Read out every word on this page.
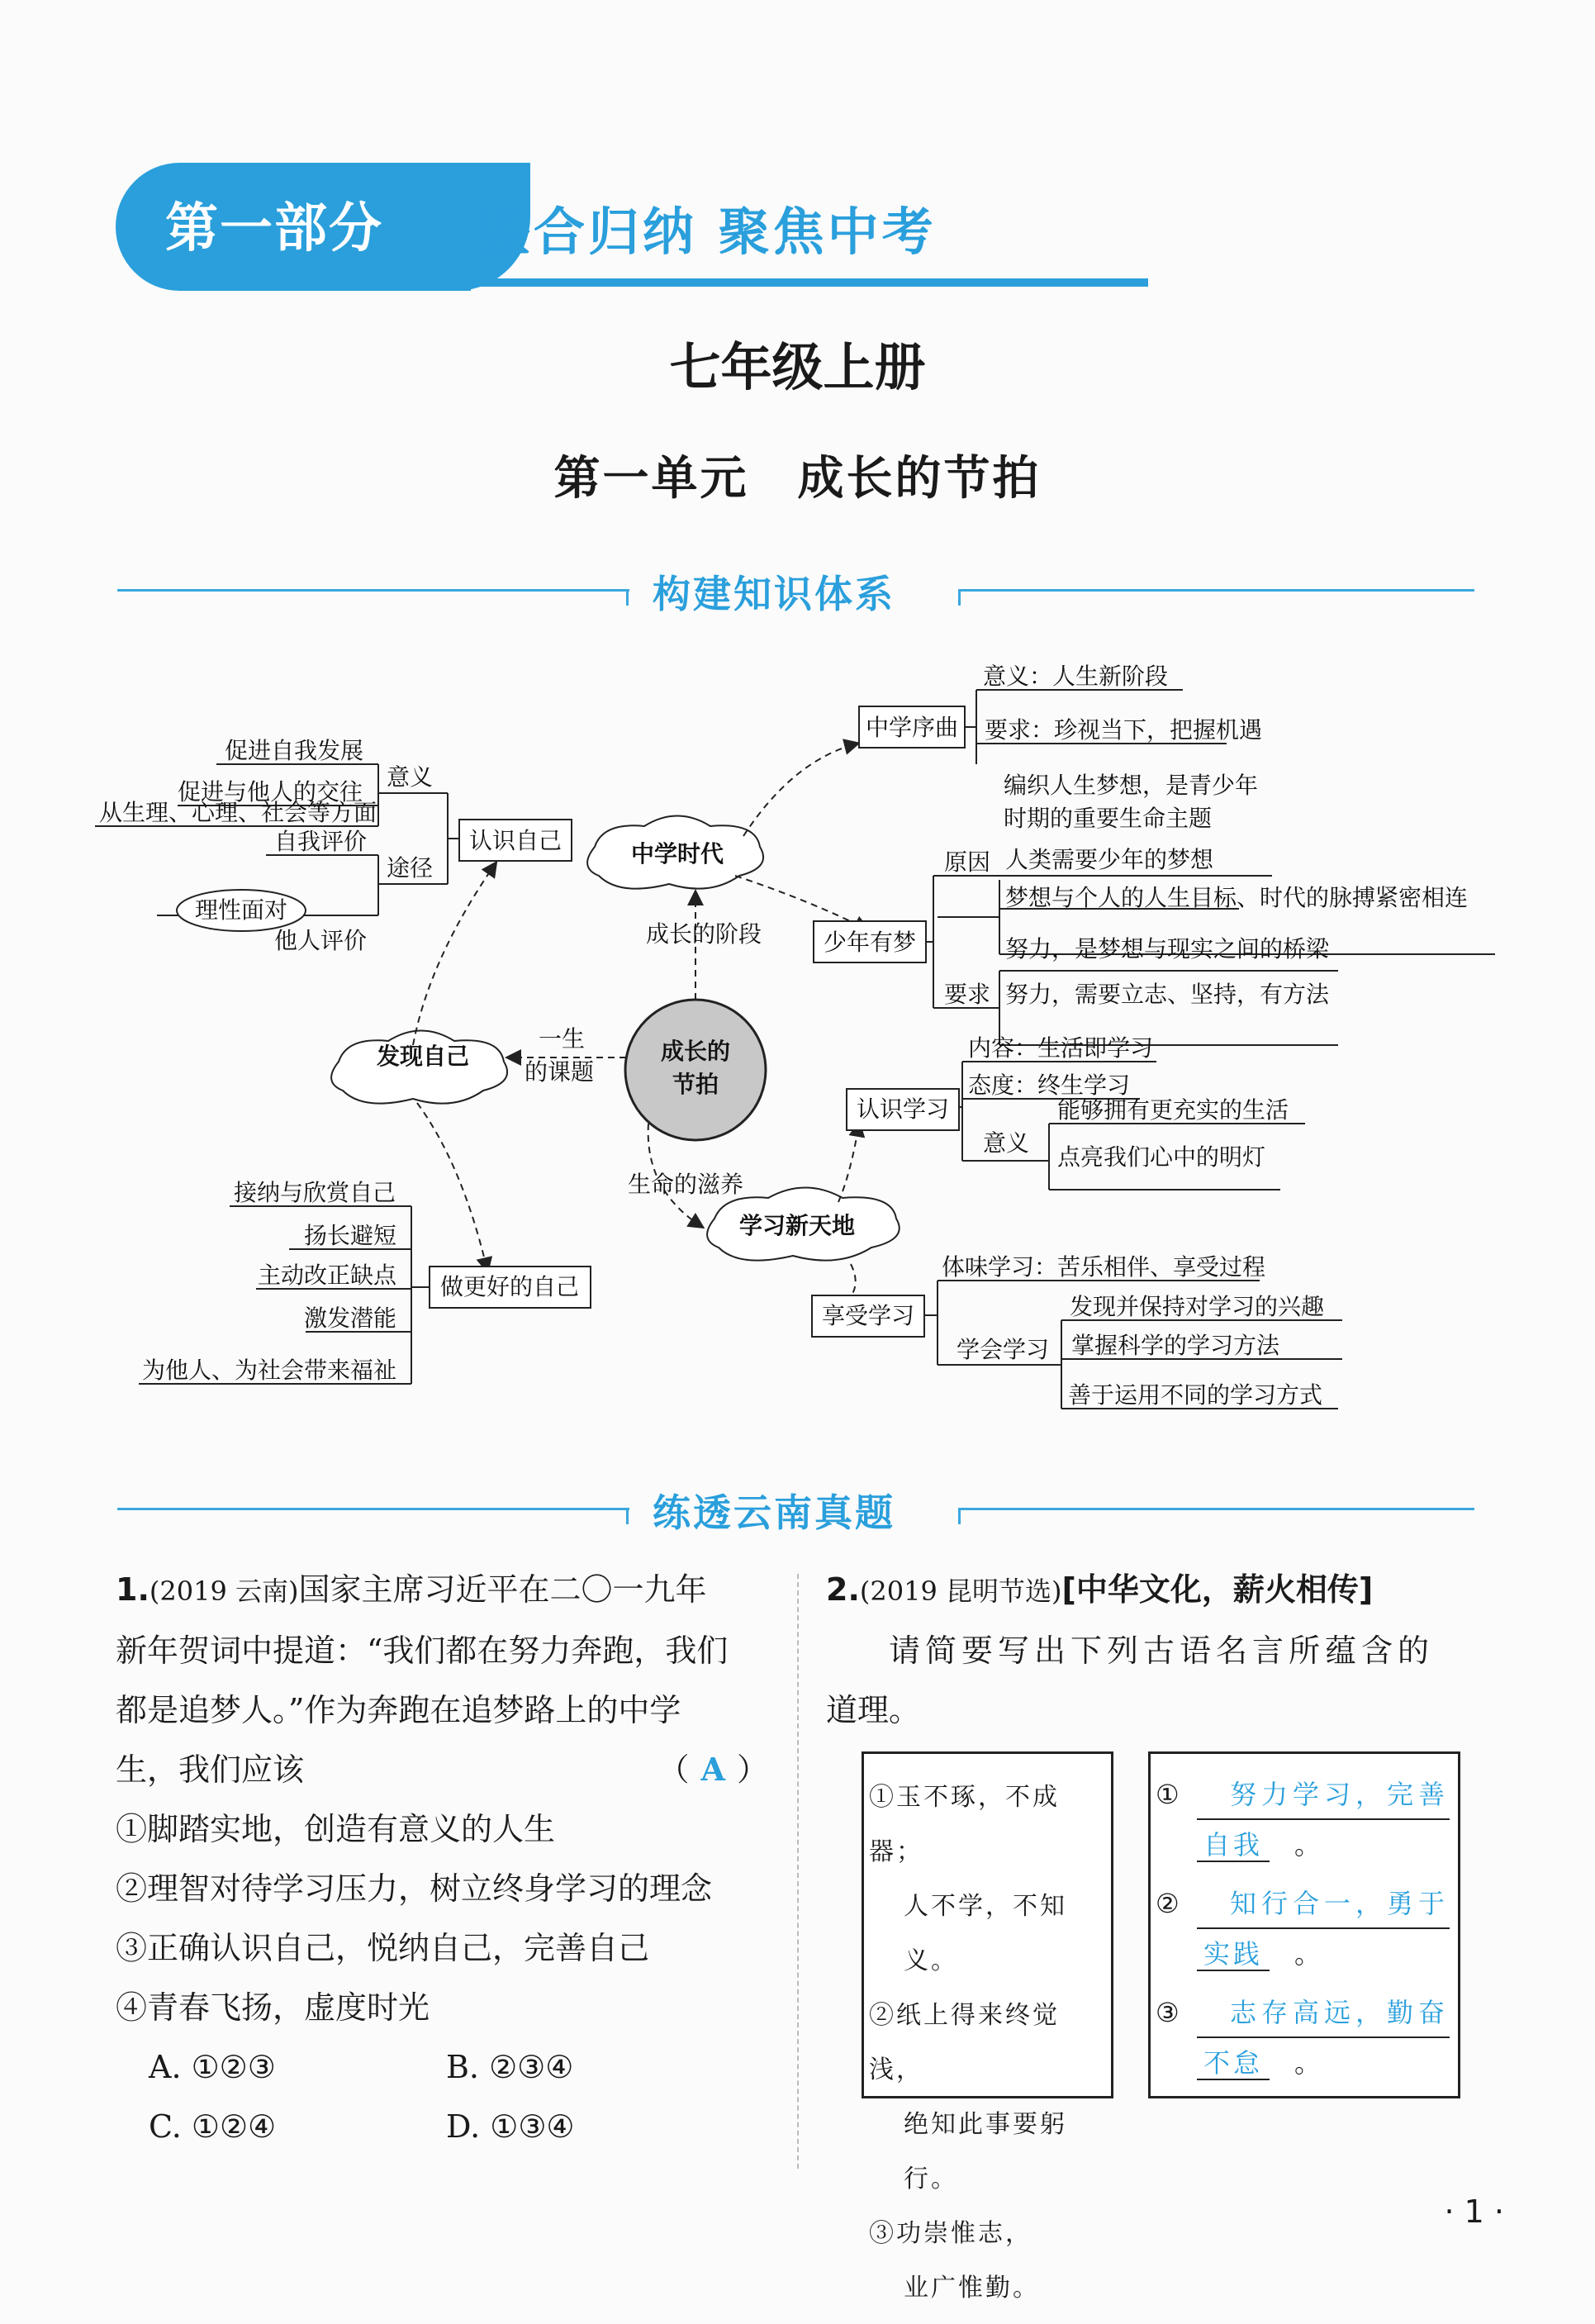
第一部分 整合归纳 聚焦中考
七年级上册
第一单元　成长的节拍
构建知识体系
成长的
节拍
中学时代
发现自己
学习新天地
成长的阶段
一生
的课题
生命的滋养
中学序曲
意义：人生新阶段
要求：珍视当下，把握机遇
少年有梦
编织人生梦想，是青少年
时期的重要生命主题
原因 人类需要少年的梦想
梦想与个人的人生目标、时代的脉搏紧密相连
要求
努力，是梦想与现实之间的桥梁
努力，需要立志、坚持，有方法
认识自己
意义
途径
促进自我发展
促进与他人的交往
从生理、心理、社会等方面
自我评价
理性面对
他人评价
认识学习
内容：生活即学习
态度：终生学习
意义
能够拥有更充实的生活
点亮我们心中的明灯
享受学习
体味学习：苦乐相伴、享受过程
学会学习
发现并保持对学习的兴趣
掌握科学的学习方法
善于运用不同的学习方式
做更好的自己
接纳与欣赏自己
扬长避短
主动改正缺点
激发潜能
为他人、为社会带来福祉
练透云南真题
1.(2019 云南)国家主席习近平在二〇一九年
新年贺词中提道：“我们都在努力奔跑，我们
都是追梦人。”作为奔跑在追梦路上的中学
生，我们应该	（ A ）
①脚踏实地，创造有意义的人生
②理智对待学习压力，树立终身学习的理念
③正确认识自己，悦纳自己，完善自己
④青春飞扬，虚度时光
A. ①②③	B. ②③④
C. ①②④	D. ①③④
2.(2019 昆明节选)[中华文化，薪火相传]
请简要写出下列古语名言所蕴含的
道理。
①玉不琢，不成器；
人不学，不知义。
②纸上得来终觉浅，
绝知此事要躬行。
③功崇惟志，
业广惟勤。
①	努力学习，完善
自我 。
②	知行合一，勇于
实践 。
③	志存高远，勤奋
不怠 。
· 1 ·
